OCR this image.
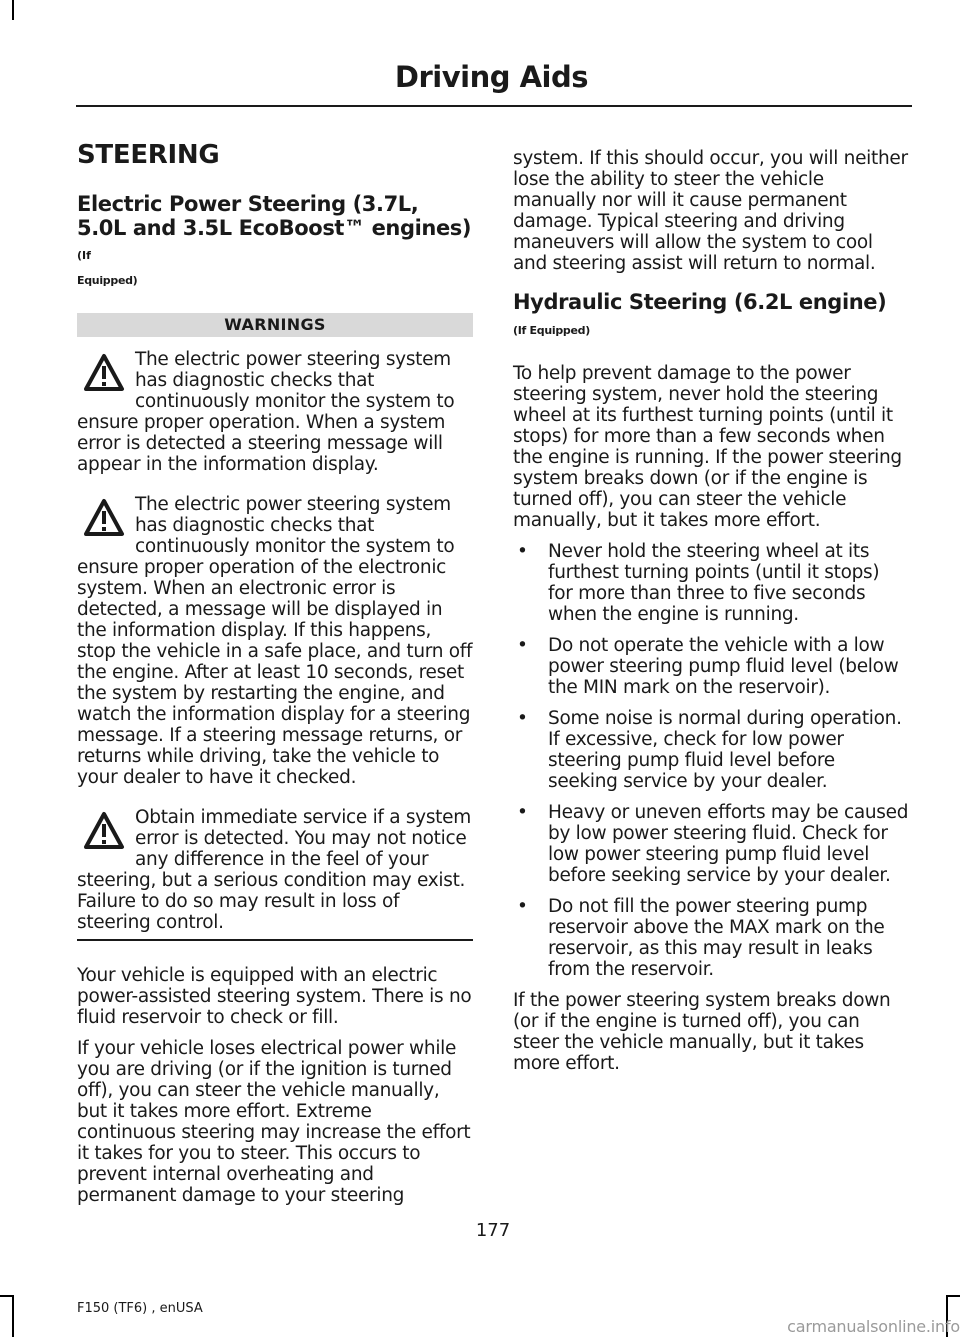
Driving Aids
STEERING
Electric Power Steering (3.7L, 5.0L and 3.5L EcoBoost™ engines) (If
Equipped)
WARNINGS
The electric power steering system has diagnostic checks that continuously monitor the system to
ensure proper operation. When a system error is detected a steering message will appear in the information display.
The electric power steering system has diagnostic checks that continuously monitor the system to
ensure proper operation of the electronic system. When an electronic error is detected, a message will be displayed in the information display. If this happens, stop the vehicle in a safe place, and turn off the engine. After at least 10 seconds, reset the system by restarting the engine, and watch the information display for a steering message. If a steering message returns, or returns while driving, take the vehicle to your dealer to have it checked.
Obtain immediate service if a system error is detected. You may not notice any difference in the feel of your
steering, but a serious condition may exist. Failure to do so may result in loss of steering control.

Your vehicle is equipped with an electric power-assisted steering system. There is no fluid reservoir to check or fill.

If your vehicle loses electrical power while you are driving (or if the ignition is turned off), you can steer the vehicle manually, but it takes more effort. Extreme continuous steering may increase the effort it takes for you to steer. This occurs to prevent internal overheating and permanent damage to your steering

system. If this should occur, you will neither lose the ability to steer the vehicle manually nor will it cause permanent damage. Typical steering and driving maneuvers will allow the system to cool and steering assist will return to normal.

Hydraulic Steering (6.2L engine)
(If Equipped)

To help prevent damage to the power steering system, never hold the steering wheel at its furthest turning points (until it stops) for more than a few seconds when the engine is running. If the power steering system breaks down (or if the engine is turned off), you can steer the vehicle manually, but it takes more effort.

• Never hold the steering wheel at its furthest turning points (until it stops) for more than three to five seconds when the engine is running.
• Do not operate the vehicle with a low power steering pump fluid level (below the MIN mark on the reservoir).
• Some noise is normal during operation. If excessive, check for low power steering pump fluid level before seeking service by your dealer.
• Heavy or uneven efforts may be caused by low power steering fluid. Check for low power steering pump fluid level before seeking service by your dealer.
• Do not fill the power steering pump reservoir above the MAX mark on the reservoir, as this may result in leaks from the reservoir.

If the power steering system breaks down (or if the engine is turned off), you can steer the vehicle manually, but it takes more effort.

177
F150 (TF6) , enUSA
carmanualsonline.info
